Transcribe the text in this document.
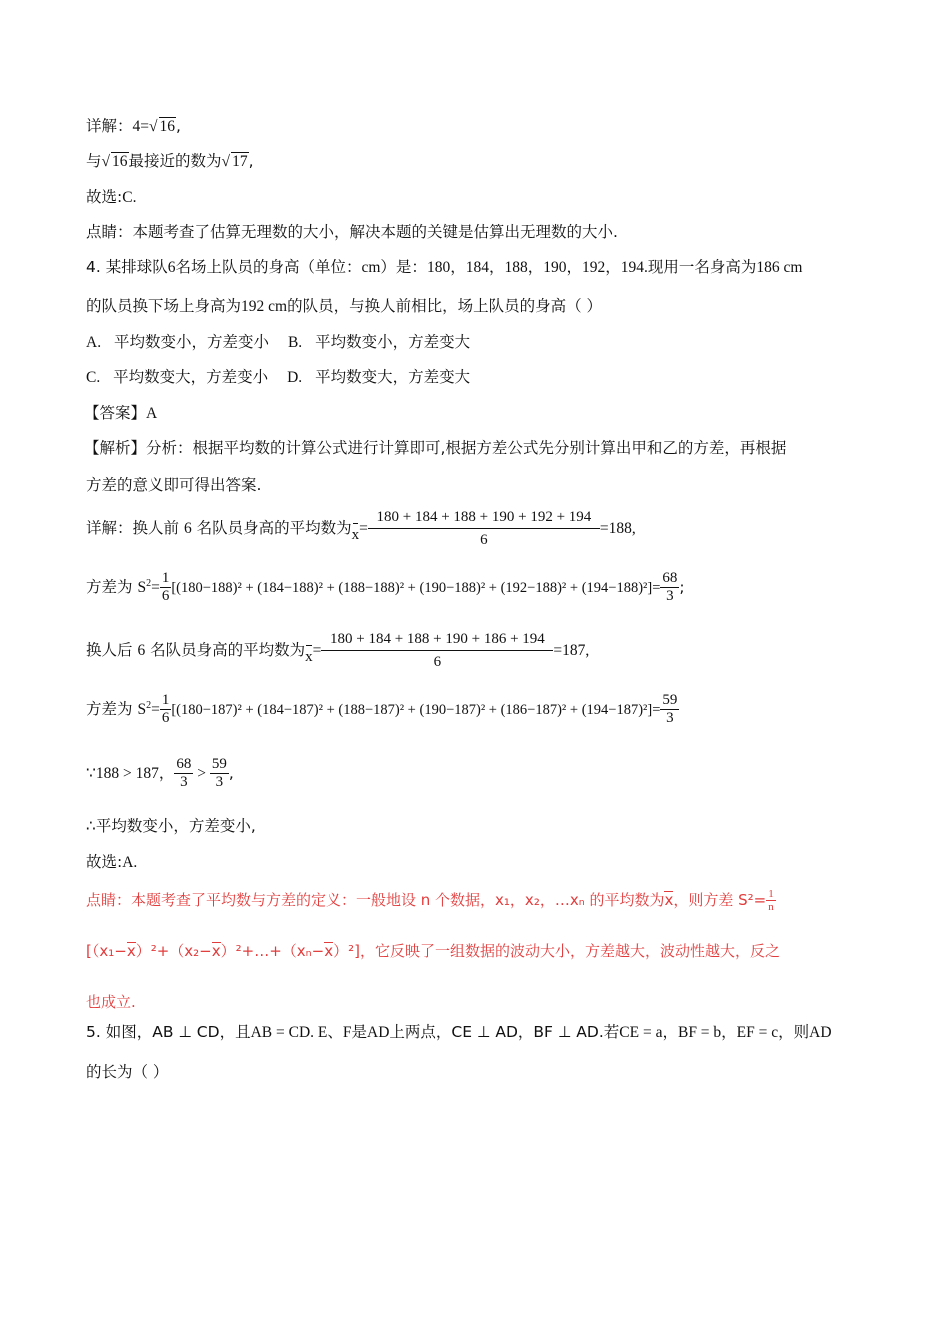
详解：4=√ 16,
与√ 16最接近的数为√ 17,
故选:C.
点睛：本题考查了估算无理数的大小，解决本题的关键是估算出无理数的大小.
4. 某排球队6名场上队员的身高（单位：cm）是：180，184，188，190，192，194.现用一名身高为186 cm
的队员换下场上身高为192 cm的队员，与换人前相比，场上队员的身高（ ）
A. 平均数变小，方差变小 B. 平均数变小，方差变大
C. 平均数变大，方差变小 D. 平均数变大，方差变大
【答案】A
【解析】分析：根据平均数的计算公式进行计算即可,根据方差公式先分别计算出甲和乙的方差，再根据
方差的意义即可得出答案.
详解：换人前 6 名队员身高的平均数为$x= \frac{180 + 184 + 188 + 190 + 192 + 194}{6} =188$,
方差为 $S^2= \frac{1}{6} [(180-188)^2 + (184-188)^2 + (188-188)^2 + (190-188)^2 + (192-188)^2 + (194-188)^2]= \frac{68}{3}$ ;
换人后 6 名队员身高的平均数为$x= \frac{180 + 184 + 188 + 190 + 186 + 194}{6} =187$,
方差为 $S^2= \frac{1}{6} [(180-187)^2 + (184-187)^2 + (188-187)^2 + (190-187)^2 + (186-187)^2 + (194-187)^2]= \frac{59}{3}$
∵188 > 187， $\frac{68}{3} > \frac{59}{3}$ ,
∴平均数变小，方差变小,
故选:A.
点睛：本题考查了平均数与方差的定义：一般地设 n 个数据，x₁，x₂，…xₙ 的平均数为x，则方差 $S^2= \frac{1}{n}$
[（x₁−x）²+（x₂−x）²+…+（xₙ−x）²]，它反映了一组数据的波动大小，方差越大，波动性越大，反之
也成立.
5. 如图，AB ⊥ CD，且AB = CD. E、F是AD上两点，CE ⊥ AD，BF ⊥ AD.若CE = a，BF = b，EF = c，则AD
的长为（ ）
